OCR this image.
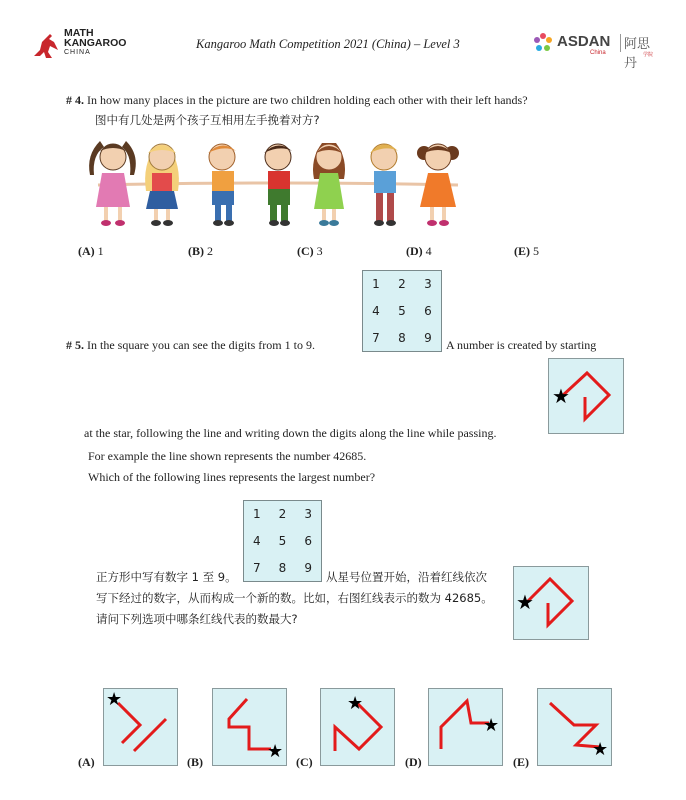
MATH
KANGAROO
CHINA
Kangaroo Math Competition 2021 (China) – Level 3	ASDAN
China
阿思丹
学院
# 4. In how many places in the picture are two children holding each other with their left hands?
图中有几处是两个孩子互相用左手挽着对方?
(A) 1	(B) 2	(C) 3	(D) 4	(E) 5
1	2	3
4	5	6
7	8	9
# 5. In the square you can see the digits from 1 to 9.	A number is created by starting
★
at the star, following the line and writing down the digits along the line while passing.
For example the line shown represents the number 42685.
Which of the following lines represents the largest number?
1	2	3
4	5	6
7	8	9
正方形中写有数字 1 至 9。	从星号位置开始，沿着红线依次
写下经过的数字，从而构成一个新的数。比如，右图红线表示的数为 42685。
请问下列选项中哪条红线代表的数最大?
★
★
(A)	★
(B)
★
(C)
★
(D)
★
(E)
